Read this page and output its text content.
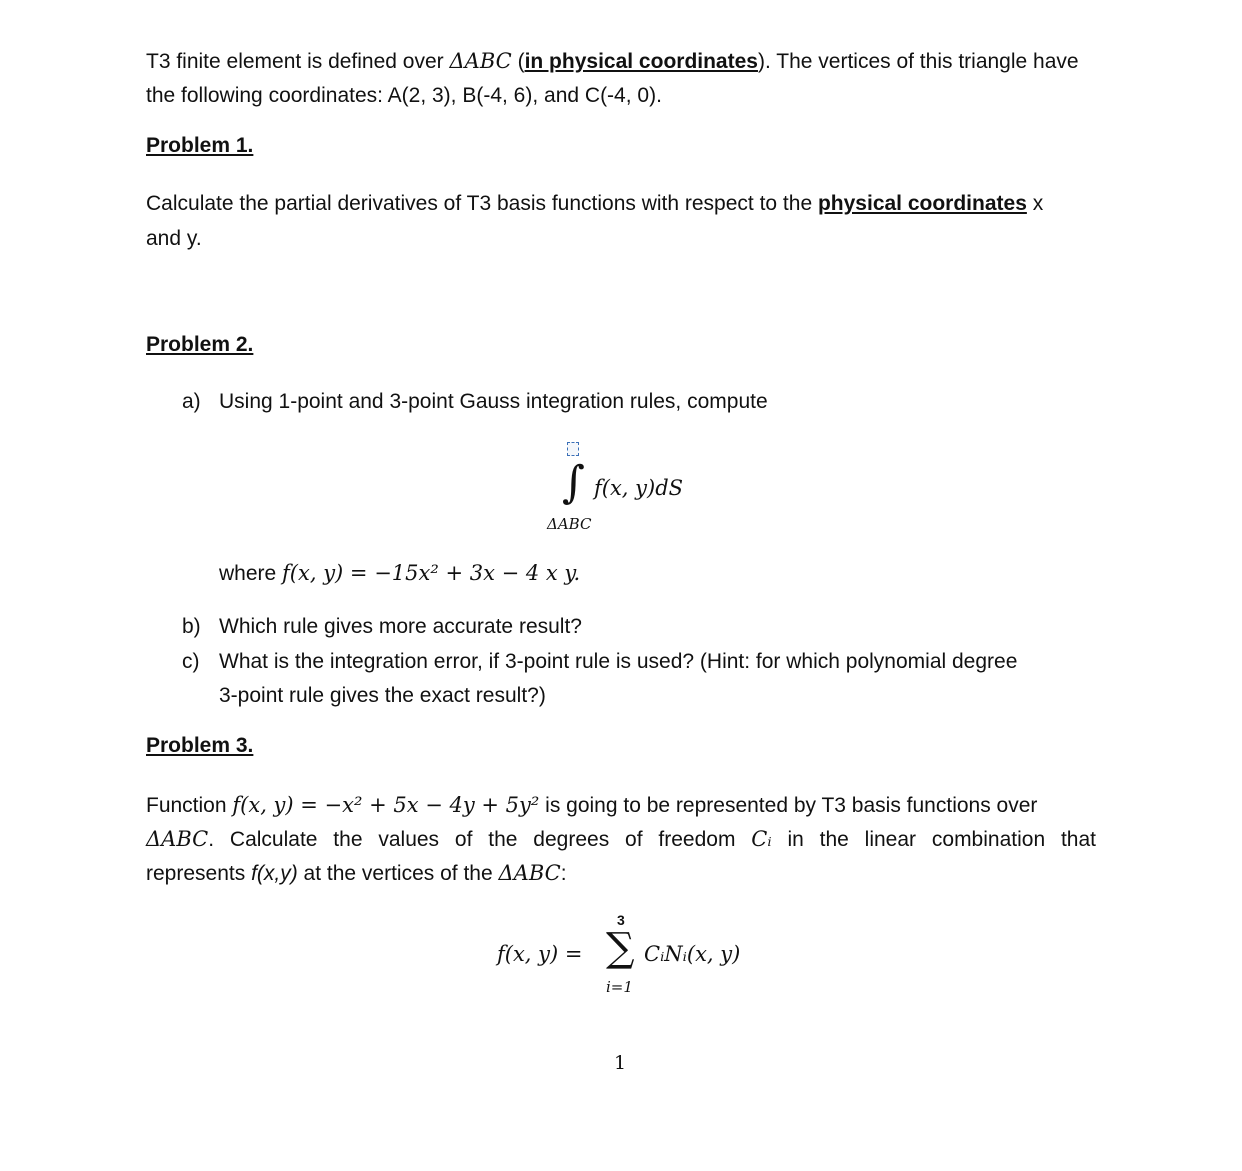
T3 finite element is defined over ΔABC (in physical coordinates). The vertices of this triangle have
the following coordinates: A(2, 3), B(-4, 6), and C(-4, 0).
Problem 1.
Calculate the partial derivatives of T3 basis functions with respect to the physical coordinates x
and y.
Problem 2.
a) Using 1-point and 3-point Gauss integration rules, compute
∫ f(x, y)dS
ΔABC
where f(x, y) = −15x² + 3x − 4 x y.
b) Which rule gives more accurate result?
c) What is the integration error, if 3-point rule is used? (Hint: for which polynomial degree
3-point rule gives the exact result?)
Problem 3.
Function f(x, y) = −x² + 5x − 4y + 5y² is going to be represented by T3 basis functions over
ΔABC. Calculate the values of the degrees of freedom Cᵢ in the linear combination that
represents f(x,y) at the vertices of the ΔABC:
f(x, y) =
3
∑
i=1
CᵢNᵢ(x, y)
1
